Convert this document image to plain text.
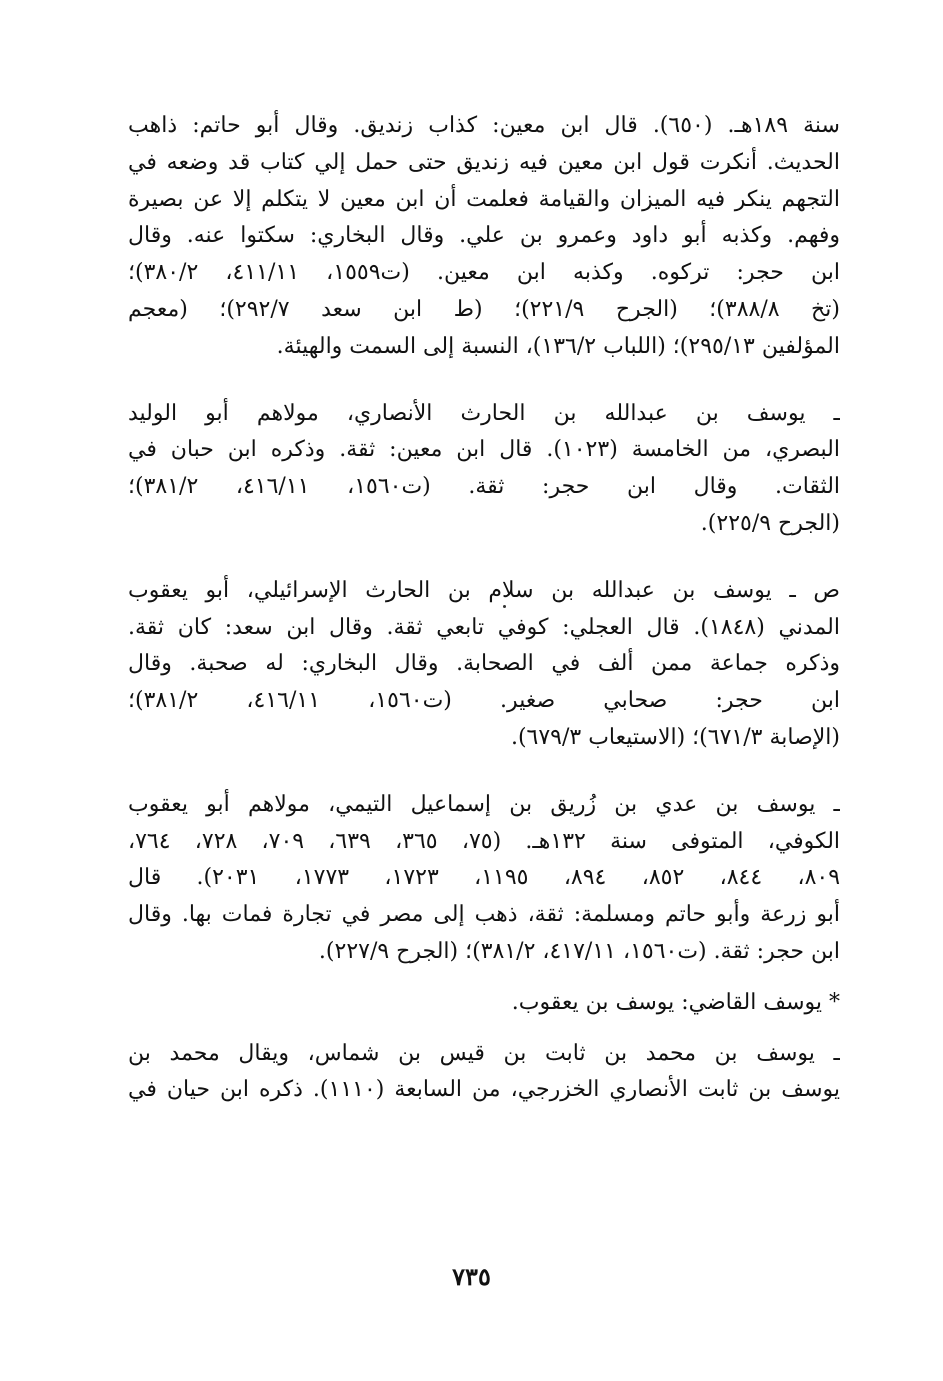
سنة ١٨٩هـ. (٦٥٠). قال ابن معين: كذاب زنديق. وقال أبو حاتم: ذاهب
الحديث. أنكرت قول ابن معين فيه زنديق حتى حمل إلي كتاب قد وضعه في
التجهم ينكر فيه الميزان والقيامة فعلمت أن ابن معين لا يتكلم إلا عن بصيرة
وفهم. وكذبه أبو داود وعمرو بن علي. وقال البخاري: سكتوا عنه. وقال
ابن حجر: تركوه. وكذبه ابن معين. (ت١٥٥٩، ٤١١/١١، ٣٨٠/٢)؛
(تخ ٣٨٨/٨)؛ (الجرح ٢٢١/٩)؛ (ط ابن سعد ٢٩٢/٧)؛ (معجم
المؤلفين ٢٩٥/١٣)؛ (اللباب ١٣٦/٢)، النسبة إلى السمت والهيئة.
ـ يوسف بن عبدالله بن الحارث الأنصاري، مولاهم أبو الوليد
البصري، من الخامسة (١٠٢٣). قال ابن معين: ثقة. وذكره ابن حبان في
الثقات. وقال ابن حجر: ثقة. (ت١٥٦٠، ٤١٦/١١، ٣٨١/٢)؛
(الجرح ٢٢٥/٩).
ص ـ يوسف بن عبدالله بن سلام بن الحارث الإسرائيلي، أبو يعقوب
المدني (١٨٤٨). قال العجلي: كوفي تابعي ثقة. وقال ابن سعد: كان ثقة.
وذكره جماعة ممن ألف في الصحابة. وقال البخاري: له صحبة. وقال
ابن حجر: صحابي صغير. (ت١٥٦٠، ٤١٦/١١، ٣٨١/٢)؛
(الإصابة ٦٧١/٣)؛ (الاستيعاب ٦٧٩/٣).
ـ يوسف بن عدي بن زُريق بن إسماعيل التيمي، مولاهم أبو يعقوب
الكوفي، المتوفى سنة ١٣٢هـ. (٧٥، ٣٦٥، ٦٣٩، ٧٠٩، ٧٢٨، ٧٦٤،
٨٠٩، ٨٤٤، ٨٥٢، ٨٩٤، ١١٩٥، ١٧٢٣، ١٧٧٣، ٢٠٣١). قال
أبو زرعة وأبو حاتم ومسلمة: ثقة، ذهب إلى مصر في تجارة فمات بها. وقال
ابن حجر: ثقة. (ت١٥٦٠، ٤١٧/١١، ٣٨١/٢)؛ (الجرح ٢٢٧/٩).
* يوسف القاضي: يوسف بن يعقوب.
ـ يوسف بن محمد بن ثابت بن قيس بن شماس، ويقال محمد بن
يوسف بن ثابت الأنصاري الخزرجي، من السابعة (١١١٠). ذكره ابن حيان في
٧٣٥
